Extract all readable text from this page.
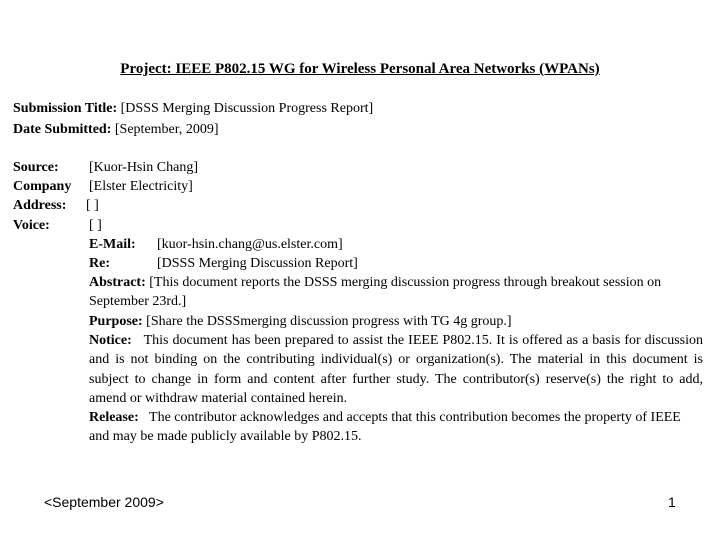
Project: IEEE P802.15 WG for Wireless Personal Area Networks (WPANs)
Submission Title: [DSSS Merging Discussion Progress Report]
Date Submitted: [September, 2009]
Source: [Kuor-Hsin Chang]
Company [Elster Electricity]
Address: [ ]
Voice:	[ ]
E-Mail: [kuor-hsin.chang@us.elster.com]
Re:	[DSSS Merging Discussion Report]

Abstract: [This document reports the DSSS merging discussion progress through breakout session on September 23rd.]

Purpose: [Share the DSSSmerging discussion progress with TG 4g group.]

Notice: This document has been prepared to assist the IEEE P802.15. It is offered as a basis for discussion and is not binding on the contributing individual(s) or organization(s). The material in this document is subject to change in form and content after further study. The contributor(s) reserve(s) the right to add, amend or withdraw material contained herein.

Release: The contributor acknowledges and accepts that this contribution becomes the property of IEEE and may be made publicly available by P802.15.

<September 2009>	1
